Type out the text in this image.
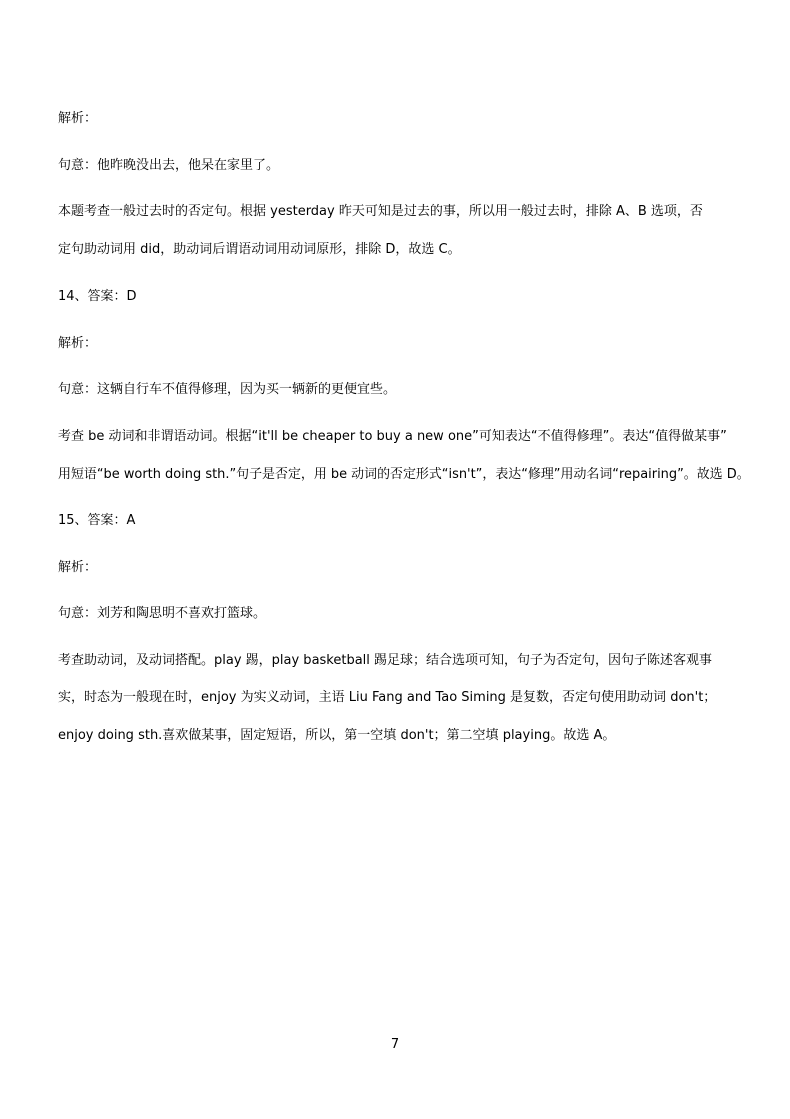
解析：
句意：他昨晚没出去，他呆在家里了。
本题考查一般过去时的否定句。根据 yesterday 昨天可知是过去的事，所以用一般过去时，排除 A、B 选项，否
定句助动词用 did，助动词后谓语动词用动词原形，排除 D，故选 C。
14、答案：D
解析：
句意：这辆自行车不值得修理，因为买一辆新的更便宜些。
考查 be 动词和非谓语动词。根据“it'll be cheaper to buy a new one”可知表达“不值得修理”。表达“值得做某事”
用短语“be worth doing sth.”句子是否定，用 be 动词的否定形式“isn't”，表达“修理”用动名词“repairing”。故选 D。
15、答案：A
解析：
句意：刘芳和陶思明不喜欢打篮球。
考查助动词，及动词搭配。play 踢，play basketball 踢足球；结合选项可知，句子为否定句，因句子陈述客观事
实，时态为一般现在时，enjoy 为实义动词，主语 Liu Fang and Tao Siming 是复数，否定句使用助动词 don't；
enjoy doing sth.喜欢做某事，固定短语，所以，第一空填 don't；第二空填 playing。故选 A。
7
